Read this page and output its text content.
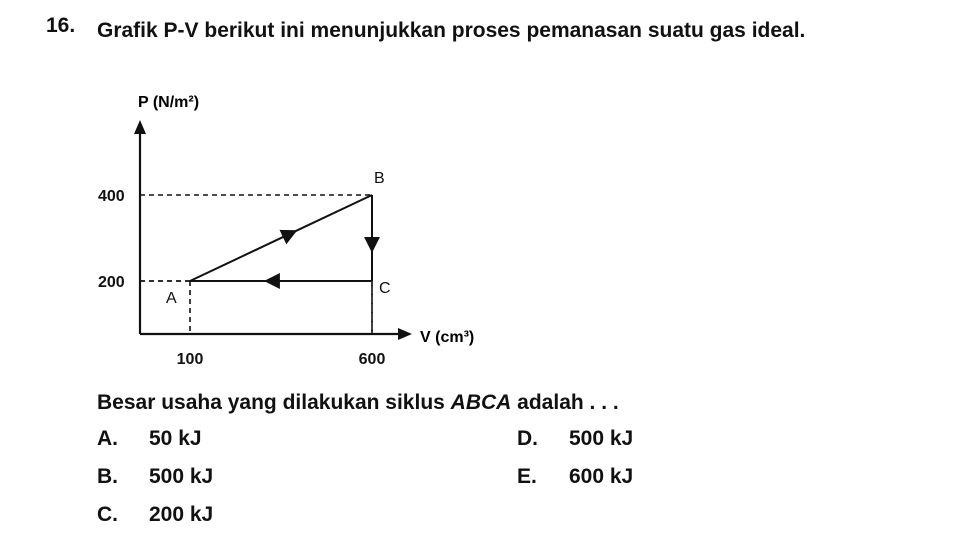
16. Grafik P-V berikut ini menunjukkan proses pemanasan suatu gas ideal.
P (N/m²)
V (cm³)
400
200
100	600
A
B
C
Besar usaha yang dilakukan siklus ABCA adalah . . .
A. 50 kJ
B. 500 kJ
C. 200 kJ
D. 500 kJ
E. 600 kJ
